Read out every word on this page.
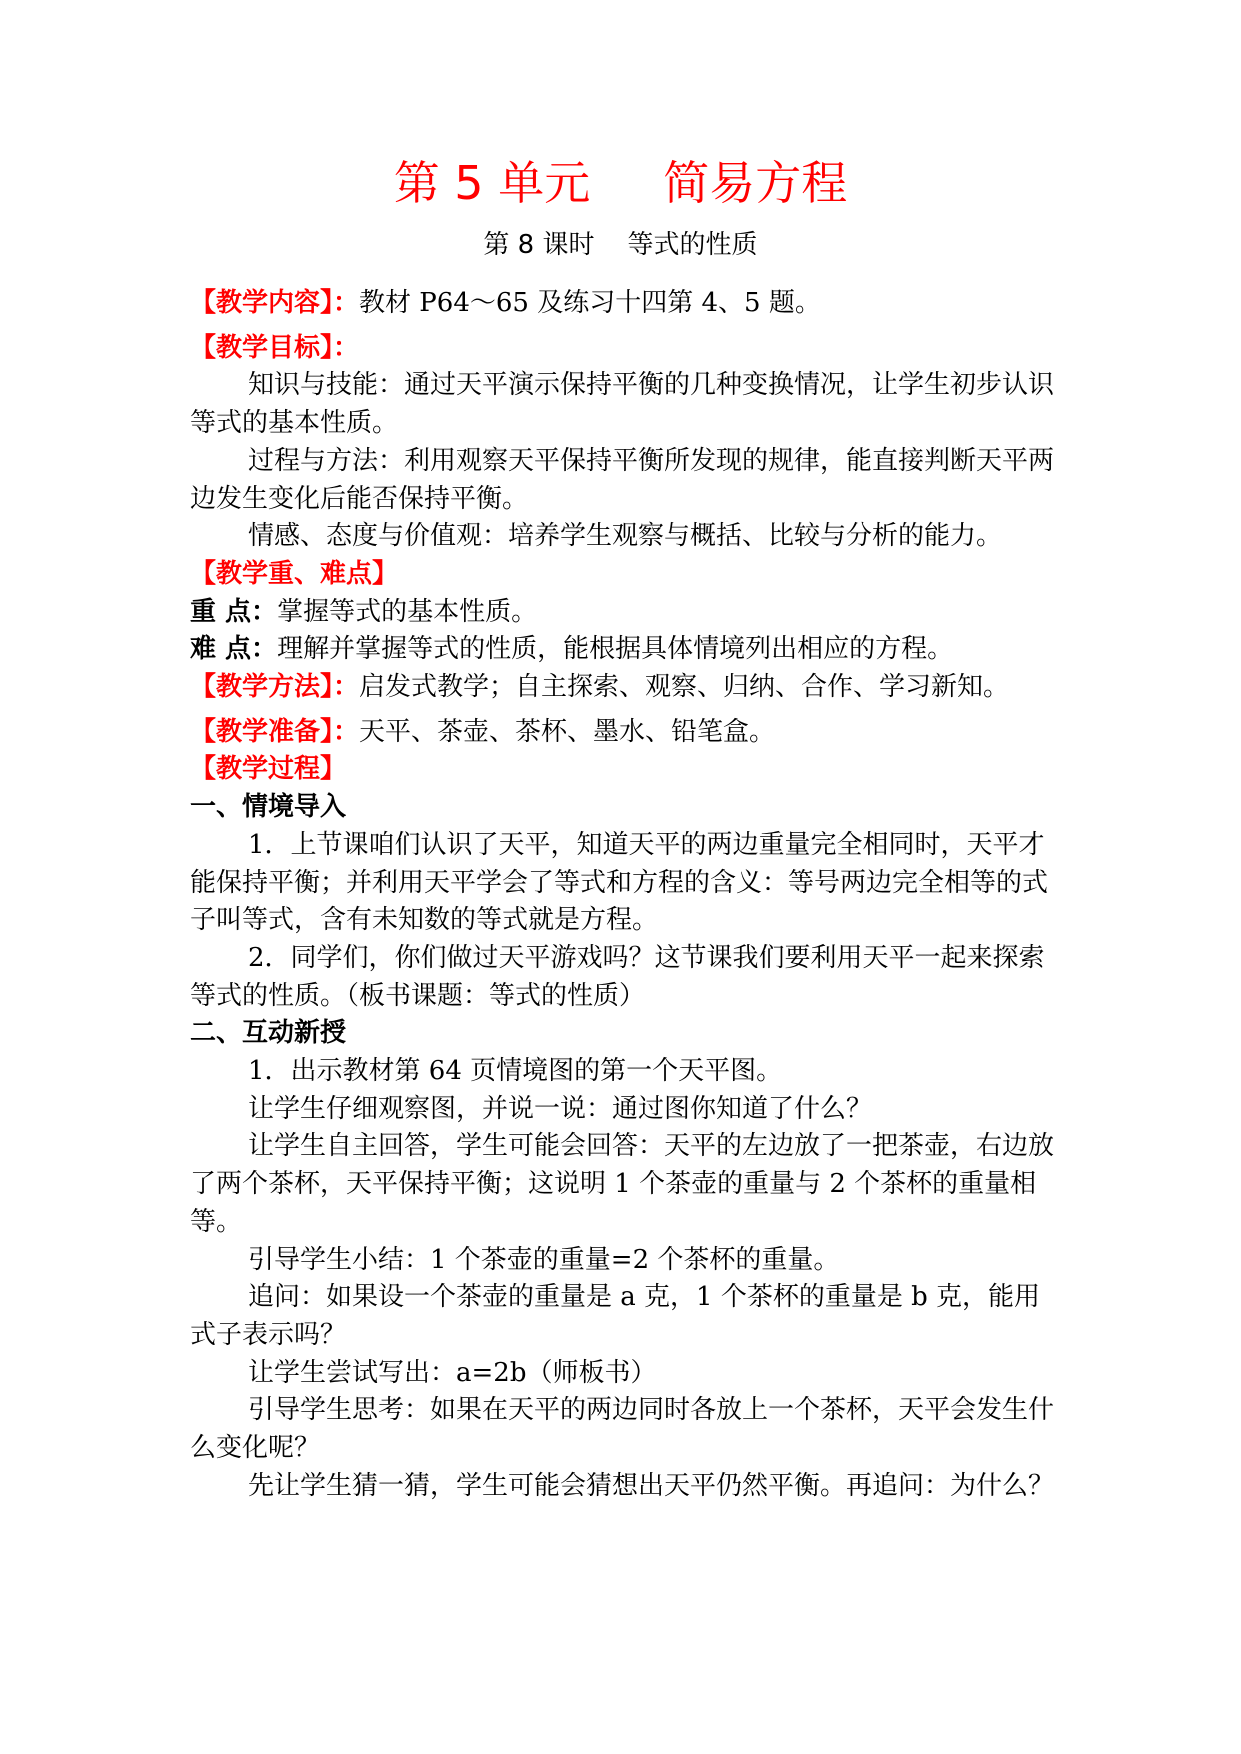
第 5 单元     简易方程
第 8 课时    等式的性质

【教学内容】：教材 P64～65 及练习十四第 4、5 题。

【教学目标】：

知识与技能：通过天平演示保持平衡的几种变换情况，让学生初步认识等式的基本性质。

过程与方法：利用观察天平保持平衡所发现的规律，能直接判断天平两边发生变化后能否保持平衡。

情感、态度与价值观：培养学生观察与概括、比较与分析的能力。

【教学重、难点】

重 点：掌握等式的基本性质。

难 点：理解并掌握等式的性质，能根据具体情境列出相应的方程。

【教学方法】：启发式教学；自主探索、观察、归纳、合作、学习新知。

【教学准备】：天平、茶壶、茶杯、墨水、铅笔盒。

【教学过程】

一、情境导入

1．上节课咱们认识了天平，知道天平的两边重量完全相同时，天平才能保持平衡；并利用天平学会了等式和方程的含义：等号两边完全相等的式子叫等式，含有未知数的等式就是方程。

2．同学们，你们做过天平游戏吗？这节课我们要利用天平一起来探索等式的性质。（板书课题：等式的性质）

二、互动新授

1．出示教材第 64 页情境图的第一个天平图。

让学生仔细观察图，并说一说：通过图你知道了什么？

让学生自主回答，学生可能会回答：天平的左边放了一把茶壶，右边放了两个茶杯，天平保持平衡；这说明 1 个茶壶的重量与 2 个茶杯的重量相等。

引导学生小结：1 个茶壶的重量=2 个茶杯的重量。

追问：如果设一个茶壶的重量是 a 克，1 个茶杯的重量是 b 克，能用式子表示吗？

让学生尝试写出：a=2b（师板书）

引导学生思考：如果在天平的两边同时各放上一个茶杯，天平会发生什么变化呢？

先让学生猜一猜，学生可能会猜想出天平仍然平衡。再追问：为什么？
